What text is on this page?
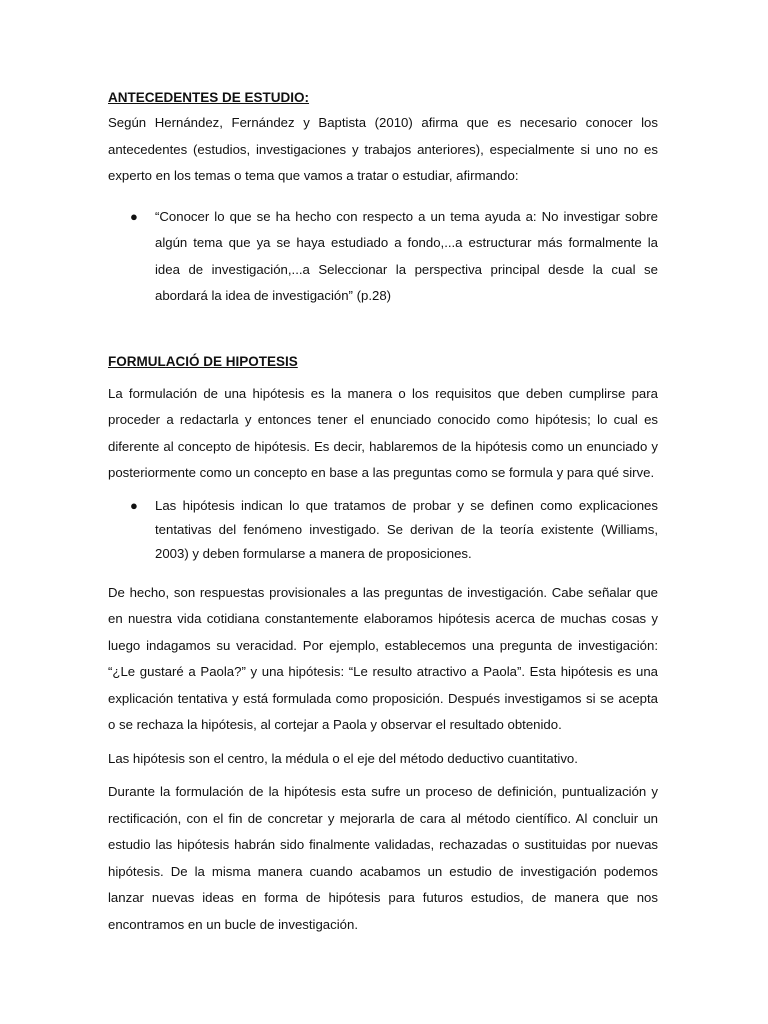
ANTECEDENTES DE ESTUDIO:

Según Hernández, Fernández y Baptista (2010) afirma que es necesario conocer los antecedentes (estudios, investigaciones y trabajos anteriores), especialmente si uno no es experto en los temas o tema que vamos a tratar o estudiar, afirmando:

● “Conocer lo que se ha hecho con respecto a un tema ayuda a: No investigar sobre algún tema que ya se haya estudiado a fondo,...a estructurar más formalmente la idea de investigación,...a Seleccionar la perspectiva principal desde la cual se abordará la idea de investigación” (p.28)

FORMULACIÓ DE HIPOTESIS

La formulación de una hipótesis es la manera o los requisitos que deben cumplirse para proceder a redactarla y entonces tener el enunciado conocido como hipótesis; lo cual es diferente al concepto de hipótesis. Es decir, hablaremos de la hipótesis como un enunciado y posteriormente como un concepto en base a las preguntas como se formula y para qué sirve.

● Las hipótesis indican lo que tratamos de probar y se definen como explicaciones tentativas del fenómeno investigado. Se derivan de la teoría existente (Williams, 2003) y deben formularse a manera de proposiciones.

De hecho, son respuestas provisionales a las preguntas de investigación. Cabe señalar que en nuestra vida cotidiana constantemente elaboramos hipótesis acerca de muchas cosas y luego indagamos su veracidad. Por ejemplo, establecemos una pregunta de investigación: “¿Le gustaré a Paola?” y una hipótesis: “Le resulto atractivo a Paola”. Esta hipótesis es una explicación tentativa y está formulada como proposición. Después investigamos si se acepta o se rechaza la hipótesis, al cortejar a Paola y observar el resultado obtenido.

Las hipótesis son el centro, la médula o el eje del método deductivo cuantitativo.

Durante la formulación de la hipótesis esta sufre un proceso de definición, puntualización y rectificación, con el fin de concretar y mejorarla de cara al método científico. Al concluir un estudio las hipótesis habrán sido finalmente validadas, rechazadas o sustituidas por nuevas hipótesis. De la misma manera cuando acabamos un estudio de investigación podemos lanzar nuevas ideas en forma de hipótesis para futuros estudios, de manera que nos encontramos en un bucle de investigación.
